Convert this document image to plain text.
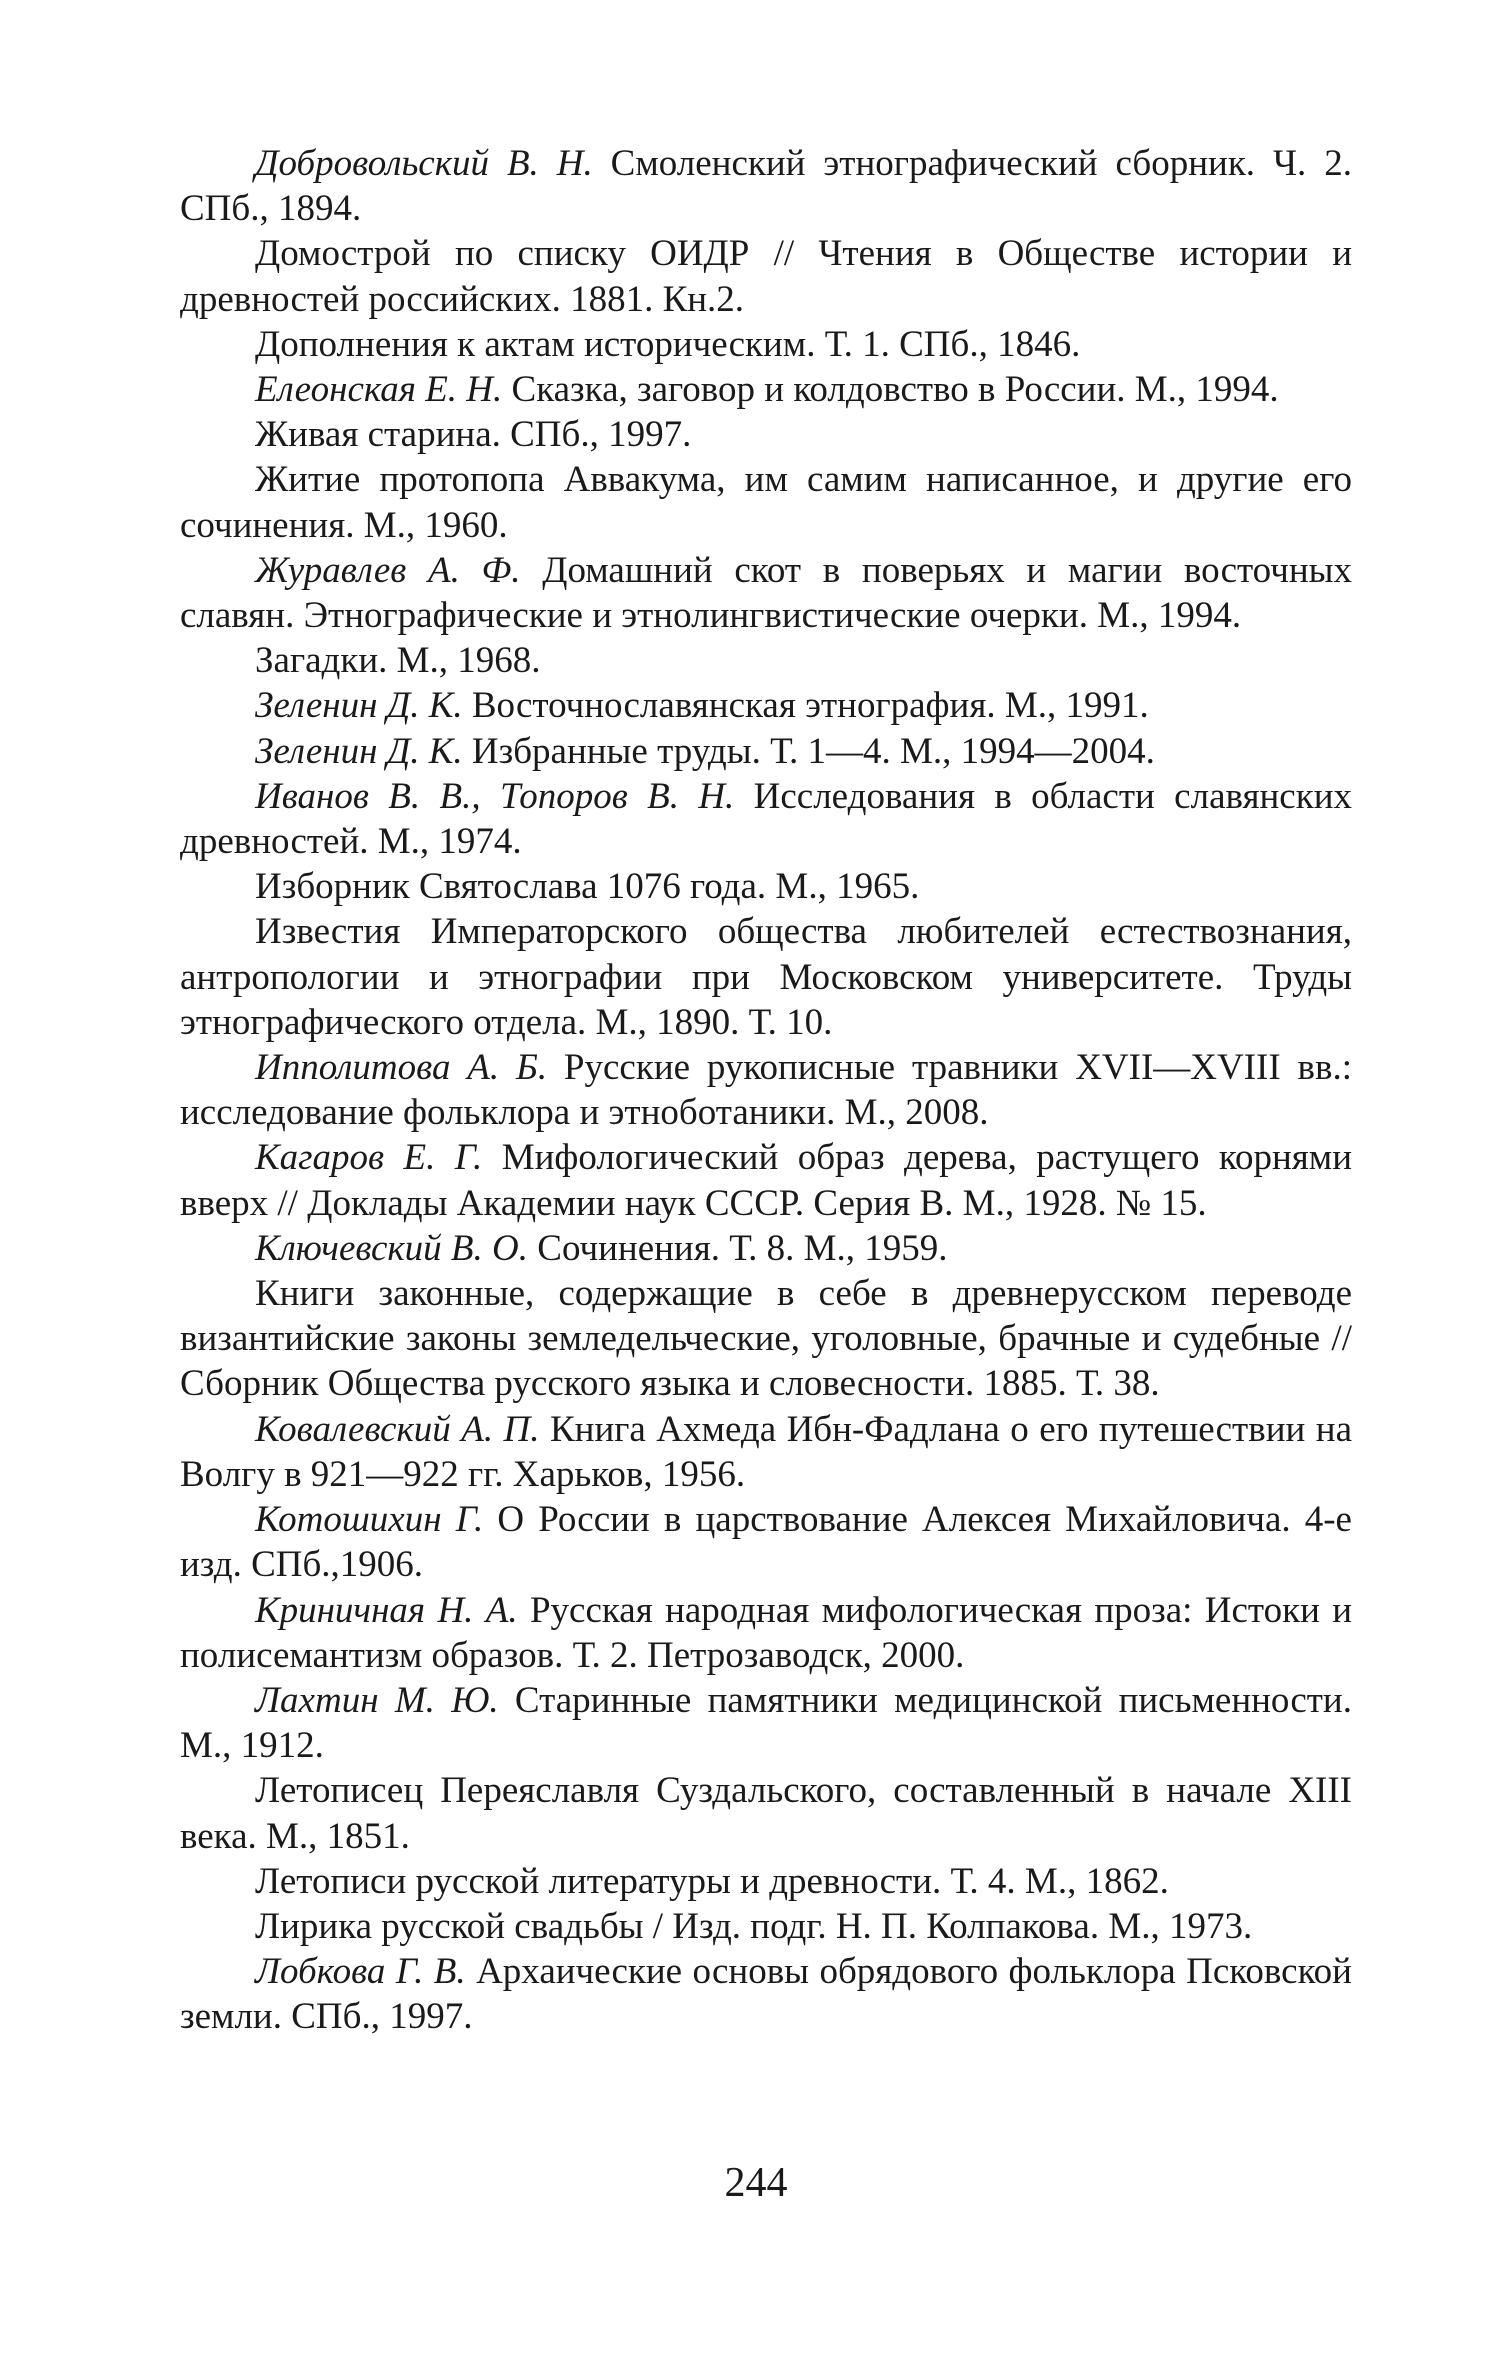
Добровольский В. Н. Смоленский этнографический сборник. Ч. 2. СПб., 1894.

Домострой по списку ОИДР // Чтения в Обществе истории и древностей российских. 1881. Кн.2.

Дополнения к актам историческим. Т. 1. СПб., 1846.

Елеонская Е. Н. Сказка, заговор и колдовство в России. М., 1994.

Живая старина. СПб., 1997.

Житие протопопа Аввакума, им самим написанное, и другие его сочинения. М., 1960.

Журавлев А. Ф. Домашний скот в поверьях и магии восточных славян. Этнографические и этнолингвистические очерки. М., 1994.

Загадки. М., 1968.

Зеленин Д. К. Восточнославянская этнография. М., 1991.

Зеленин Д. К. Избранные труды. Т. 1—4. М., 1994—2004.

Иванов В. В., Топоров В. Н. Исследования в области славянских древностей. М., 1974.

Изборник Святослава 1076 года. М., 1965.

Известия Императорского общества любителей естествознания, антропологии и этнографии при Московском университете. Труды этнографического отдела. М., 1890. Т. 10.

Ипполитова А. Б. Русские рукописные травники XVII—XVIII вв.: исследование фольклора и этноботаники. М., 2008.

Кагаров Е. Г. Мифологический образ дерева, растущего корнями вверх // Доклады Академии наук СССР. Серия В. М., 1928. № 15.

Ключевский В. О. Сочинения. Т. 8. М., 1959.

Книги законные, содержащие в себе в древнерусском переводе византийские законы земледельческие, уголовные, брачные и судебные // Сборник Общества русского языка и словесности. 1885. Т. 38.

Ковалевский А. П. Книга Ахмеда Ибн-Фадлана о его путешествии на Волгу в 921—922 гг. Харьков, 1956.

Котошихин Г. О России в царствование Алексея Михайловича. 4-е изд. СПб.,1906.

Криничная Н. А. Русская народная мифологическая проза: Истоки и полисемантизм образов. Т. 2. Петрозаводск, 2000.

Лахтин М. Ю. Старинные памятники медицинской письменности. М., 1912.

Летописец Переяславля Суздальского, составленный в начале XIII века. М., 1851.

Летописи русской литературы и древности. Т. 4. М., 1862.

Лирика русской свадьбы / Изд. подг. Н. П. Колпакова. М., 1973.

Лобкова Г. В. Архаические основы обрядового фольклора Псковской земли. СПб., 1997.

244
